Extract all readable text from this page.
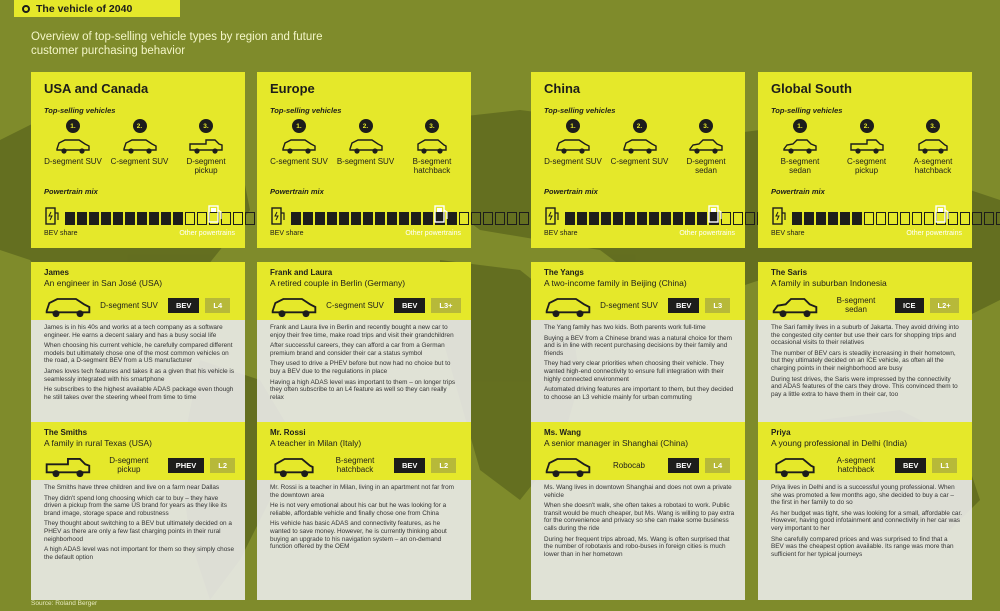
The vehicle of 2040
Overview of top-selling vehicle types by region and future customer purchasing behavior
USA and Canada
Top-selling vehicles
1.
D-segment SUV
2.
C-segment SUV
3.
D-segment pickup
Powertrain mix
BEV share	Other powertrains
James
An engineer in San José (USA)
D-segment SUV	BEV	L4

James is in his 40s and works at a tech company as a software engineer. He earns a decent salary and has a busy social life

When choosing his current vehicle, he carefully compared different models but ultimately chose one of the most common vehicles on the road, a D-segment BEV from a US manufacturer

James loves tech features and takes it as a given that his vehicle is seamlessly integrated with his smartphone

He subscribes to the highest available ADAS package even though he still takes over the steering wheel from time to time

The Smiths
A family in rural Texas (USA)
D-segment pickup	PHEV	L2

The Smiths have three children and live on a farm near Dallas

They didn't spend long choosing which car to buy – they have driven a pickup from the same US brand for years as they like its brand image, storage space and robustness

They thought about switching to a BEV but ultimately decided on a PHEV as there are only a few fast charging points in their rural neighborhood

A high ADAS level was not important for them so they simply chose the default option

Europe
Top-selling vehicles
1.
C-segment SUV
2.
B-segment SUV
3.
B-segment hatchback
Powertrain mix
BEV share	Other powertrains
Frank and Laura
A retired couple in Berlin (Germany)
C-segment SUV	BEV	L3+

Frank and Laura live in Berlin and recently bought a new car to enjoy their free time, make road trips and visit their grandchildren

After successful careers, they can afford a car from a German premium brand and consider their car a status symbol

They used to drive a PHEV before but now had no choice but to buy a BEV due to the regulations in place

Having a high ADAS level was important to them – on longer trips they often subscribe to an L4 feature as well so they can really relax

Mr. Rossi
A teacher in Milan (Italy)
B-segment hatchback	BEV	L2

Mr. Rossi is a teacher in Milan, living in an apartment not far from the downtown area

He is not very emotional about his car but he was looking for a reliable, affordable vehicle and finally chose one from China

His vehicle has basic ADAS and connectivity features, as he wanted to save money. However, he is currently thinking about buying an upgrade to his navigation system – an on-demand function offered by the OEM

China
Top-selling vehicles
1.
D-segment SUV
2.
C-segment SUV
3.
D-segment sedan
Powertrain mix
BEV share	Other powertrains
The Yangs
A two-income family in Beijing (China)
D-segment SUV	BEV	L3

The Yang family has two kids. Both parents work full-time

Buying a BEV from a Chinese brand was a natural choice for them and is in line with recent purchasing decisions by their family and friends

They had very clear priorities when choosing their vehicle. They wanted high-end connectivity to ensure full integration with their highly connected environment

Automated driving features are important to them, but they decided to choose an L3 vehicle mainly for urban commuting

Ms. Wang
A senior manager in Shanghai (China)
Robocab	BEV	L4

Ms. Wang lives in downtown Shanghai and does not own a private vehicle

When she doesn't walk, she often takes a robotaxi to work. Public transit would be much cheaper, but Ms. Wang is willing to pay extra for the convenience and privacy so she can make some business calls during the ride

During her frequent trips abroad, Ms. Wang is often surprised that the number of robotaxis and robo-buses in foreign cities is much lower than in her hometown

Global South
Top-selling vehicles
1.
B-segment sedan
2.
C-segment pickup
3.
A-segment hatchback
Powertrain mix
BEV share	Other powertrains
The Saris
A family in suburban Indonesia
B-segment sedan	ICE	L2+

The Sari family lives in a suburb of Jakarta. They avoid driving into the congested city center but use their cars for shopping trips and occasional visits to their relatives

The number of BEV cars is steadily increasing in their hometown, but they ultimately decided on an ICE vehicle, as often all the charging points in their neighborhood are busy

During test drives, the Saris were impressed by the connectivity and ADAS features of the cars they drove. This convinced them to pay a little extra to have them in their car, too

Priya
A young professional in Delhi (India)
A-segment hatchback	BEV	L1

Priya lives in Delhi and is a successful young professional. When she was promoted a few months ago, she decided to buy a car – the first in her family to do so

As her budget was tight, she was looking for a small, affordable car. However, having good infotainment and connectivity in her car was very important to her

She carefully compared prices and was surprised to find that a BEV was the cheapest option available. Its range was more than sufficient for her typical journeys

Source: Roland Berger
